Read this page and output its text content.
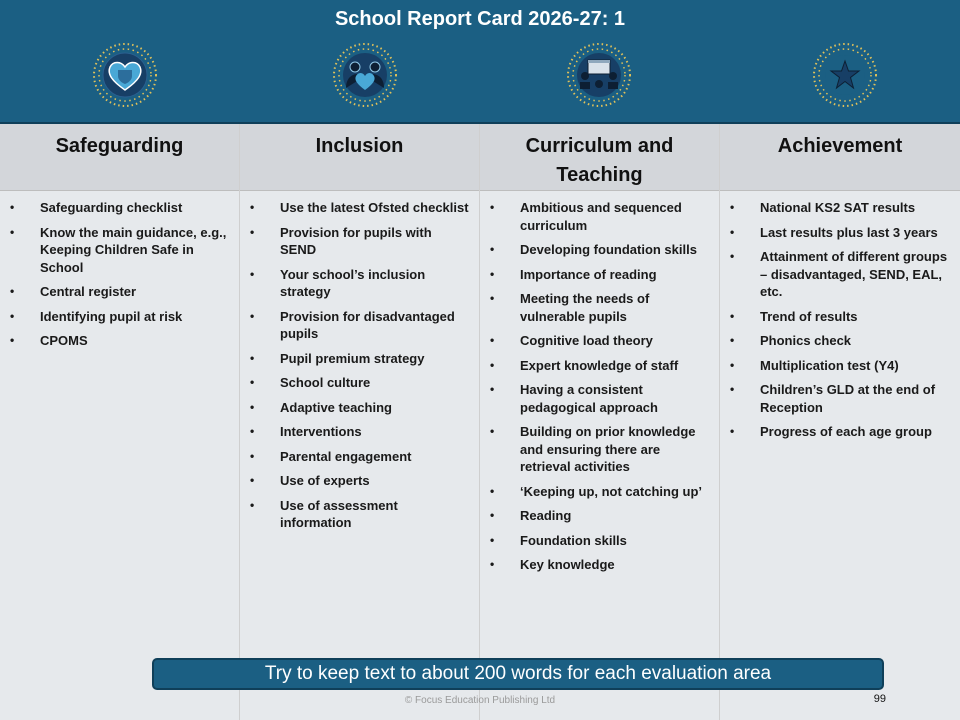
School Report Card 2026-27: 1
Safeguarding
• Safeguarding checklist
• Know the main guidance, e.g., Keeping Children Safe in School
• Central register
• Identifying pupil at risk
• CPOMS
Inclusion
• Use the latest Ofsted checklist
• Provision for pupils with SEND
• Your school’s inclusion strategy
• Provision for disadvantaged pupils
• Pupil premium strategy
• School culture
• Adaptive teaching
• Interventions
• Parental engagement
• Use of experts
• Use of assessment information
Curriculum and Teaching
• Ambitious and sequenced curriculum
• Developing foundation skills
• Importance of reading
• Meeting the needs of vulnerable pupils
• Cognitive load theory
• Expert knowledge of staff
• Having a consistent pedagogical approach
• Building on prior knowledge and ensuring there are retrieval activities
• ‘Keeping up, not catching up’
• Reading
• Foundation skills
• Key knowledge
Achievement
• National KS2 SAT results
• Last results plus last 3 years
• Attainment of different groups – disadvantaged, SEND, EAL, etc.
• Trend of results
• Phonics check
• Multiplication test (Y4)
• Children’s GLD at the end of Reception
• Progress of each age group
Try to keep text to about 200 words for each evaluation area
© Focus Education Publishing Ltd	99
